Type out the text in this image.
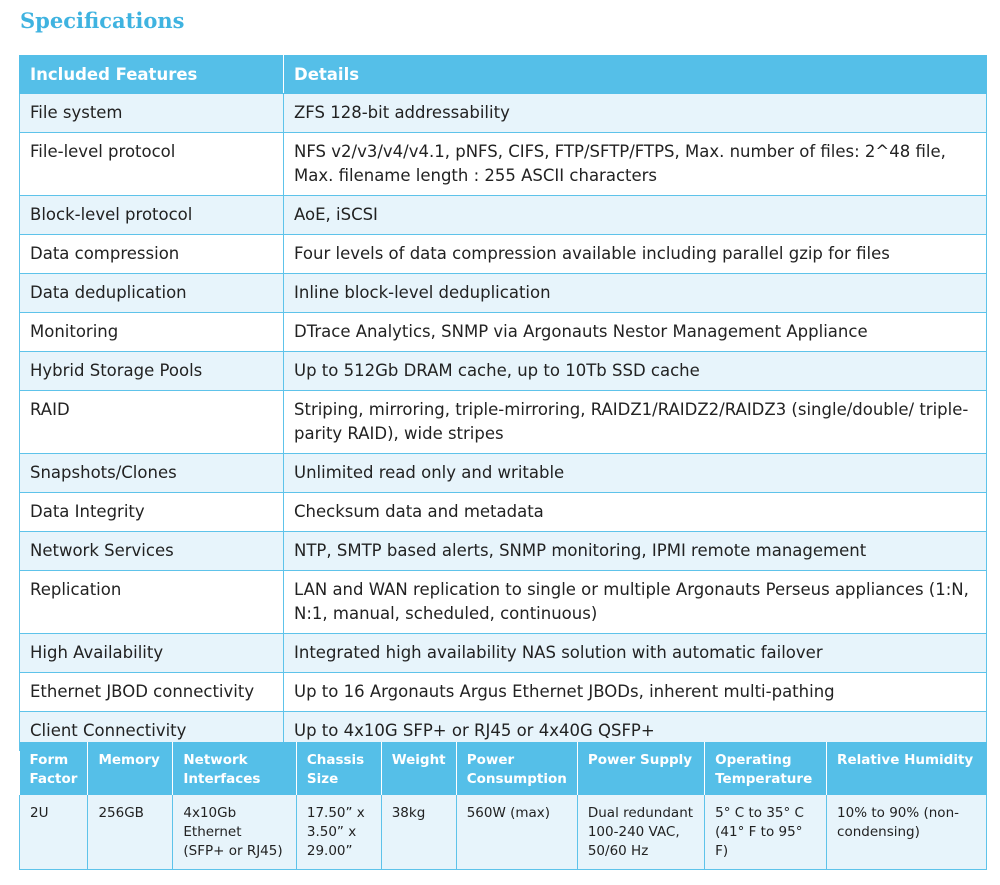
Specifications
Included Features	Details
File system	ZFS 128-bit addressability
File-level protocol	NFS v2/v3/v4/v4.1, pNFS, CIFS, FTP/SFTP/FTPS, Max. number of files: 2^48 file, Max. filename length : 255 ASCII characters
Block-level protocol	AoE, iSCSI
Data compression	Four levels of data compression available including parallel gzip for files
Data deduplication	Inline block-level deduplication
Monitoring	DTrace Analytics, SNMP via Argonauts Nestor Management Appliance
Hybrid Storage Pools	Up to 512Gb DRAM cache, up to 10Tb SSD cache
RAID	Striping, mirroring, triple-mirroring, RAIDZ1/RAIDZ2/RAIDZ3 (single/double/ triple- parity RAID), wide stripes
Snapshots/Clones	Unlimited read only and writable
Data Integrity	Checksum data and metadata
Network Services	NTP, SMTP based alerts, SNMP monitoring, IPMI remote management
Replication	LAN and WAN replication to single or multiple Argonauts Perseus appliances (1:N, N:1, manual, scheduled, continuous)
High Availability	Integrated high availability NAS solution with automatic failover
Ethernet JBOD connectivity	Up to 16 Argonauts Argus Ethernet JBODs, inherent multi-pathing
Client Connectivity	Up to 4x10G SFP+ or RJ45 or 4x40G QSFP+
Form Factor	Memory	Network Interfaces	Chassis Size	Weight	Power Consumption	Power Supply	Operating Temperature	Relative Humidity
2U	256GB	4x10Gb Ethernet (SFP+ or RJ45)	17.50” x 3.50” x 29.00”	38kg	560W (max)	Dual redundant 100-240 VAC, 50/60 Hz	5° C to 35° C (41° F to 95° F)	10% to 90% (non- condensing)
